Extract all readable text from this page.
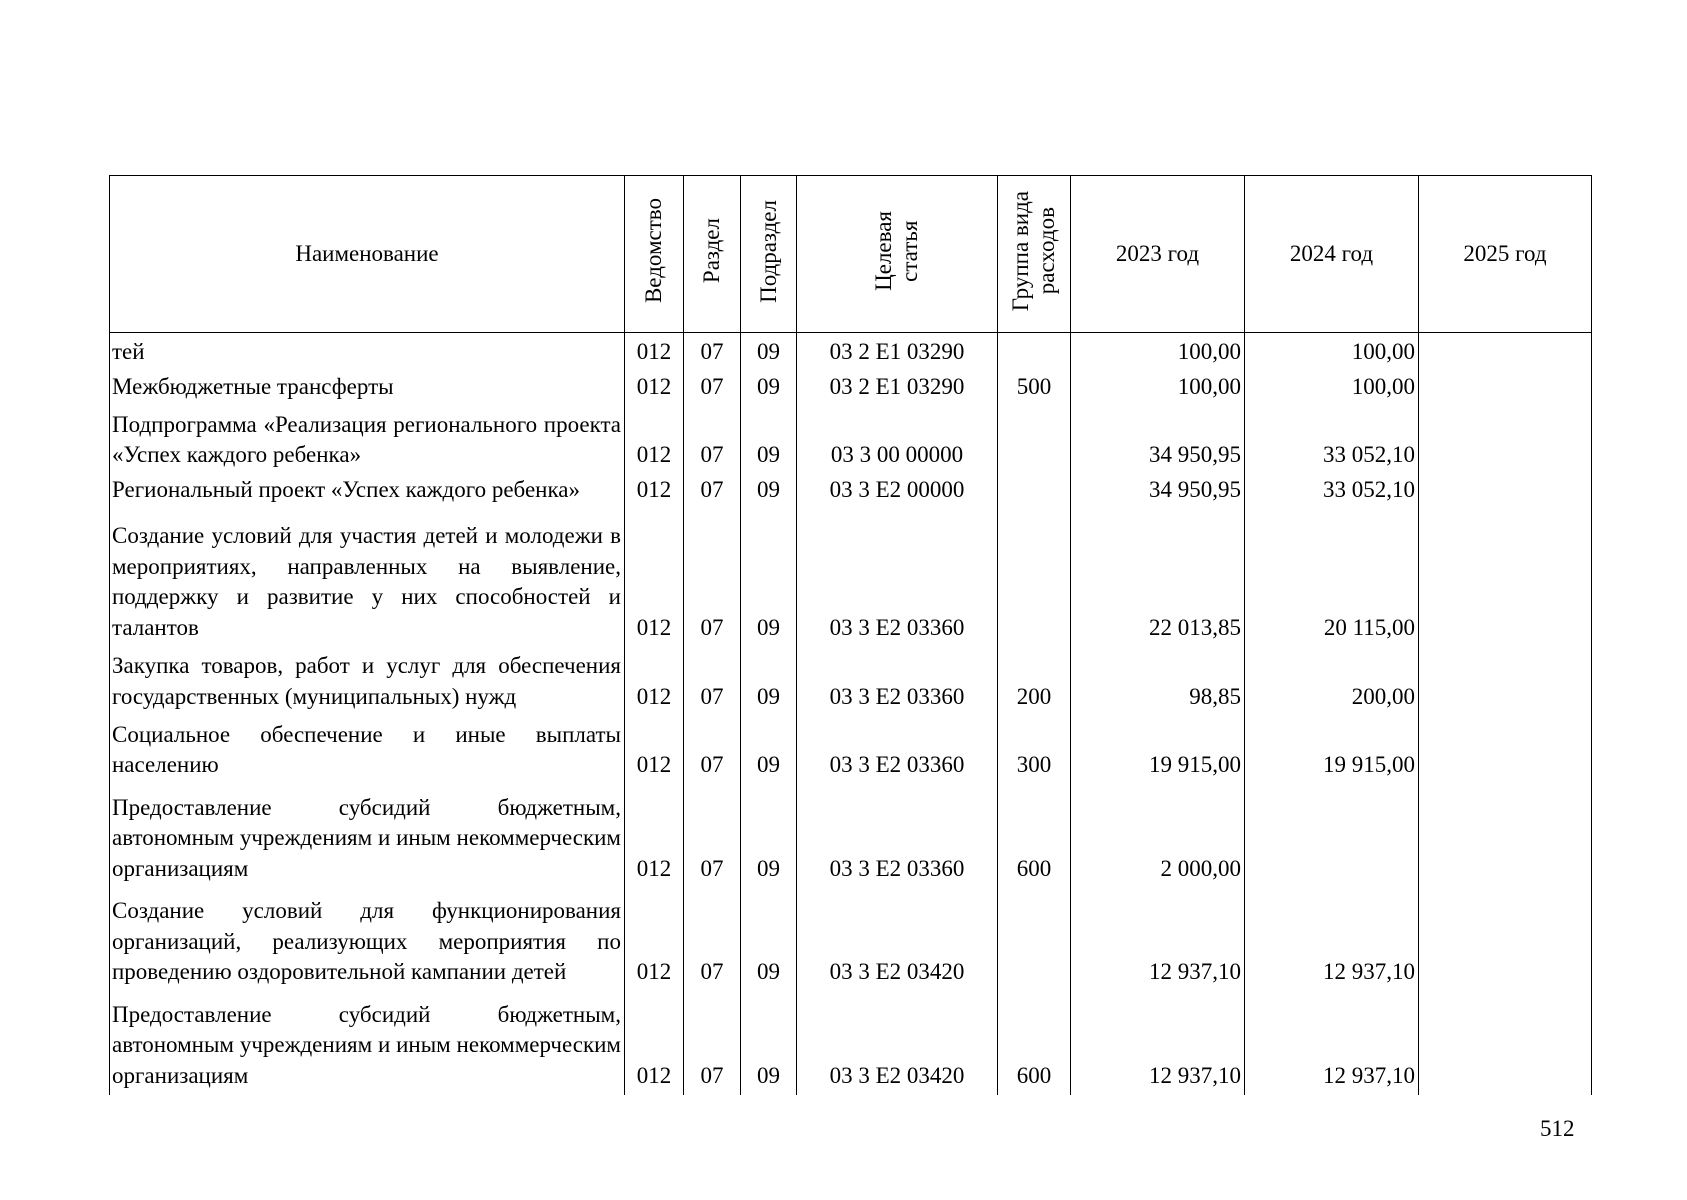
Наименование	Ведомство	Раздел	Подраздел	Целевая
статья	Группа вида
расходов	2023 год	2024 год	2025 год
тей	012	07	09	03 2 E1 03290		100,00	100,00	
Межбюджетные трансферты	012	07	09	03 2 E1 03290	500	100,00	100,00	
Подпрограмма «Реализация регионального проекта «Успех каждого ребенка»	012	07	09	03 3 00 00000		34 950,95	33 052,10	
Региональный проект «Успех каждого ребенка»	012	07	09	03 3 E2 00000		34 950,95	33 052,10	
Создание условий для участия детей и молодежи в мероприятиях, направленных на выявление, поддержку и развитие у них способностей и талантов	012	07	09	03 3 E2 03360		22 013,85	20 115,00	
Закупка товаров, работ и услуг для обеспечения государственных (муниципальных) нужд	012	07	09	03 3 E2 03360	200	98,85	200,00	
Социальное обеспечение и иные выплаты населению	012	07	09	03 3 E2 03360	300	19 915,00	19 915,00	
Предоставление субсидий бюджетным, автономным учреждениям и иным некоммерческим организациям	012	07	09	03 3 E2 03360	600	2 000,00		
Создание условий для функционирования организаций, реализующих мероприятия по проведению оздоровительной кампании детей	012	07	09	03 3 E2 03420		12 937,10	12 937,10	
Предоставление субсидий бюджетным, автономным учреждениям и иным некоммерческим организациям	012	07	09	03 3 E2 03420	600	12 937,10	12 937,10	

512
